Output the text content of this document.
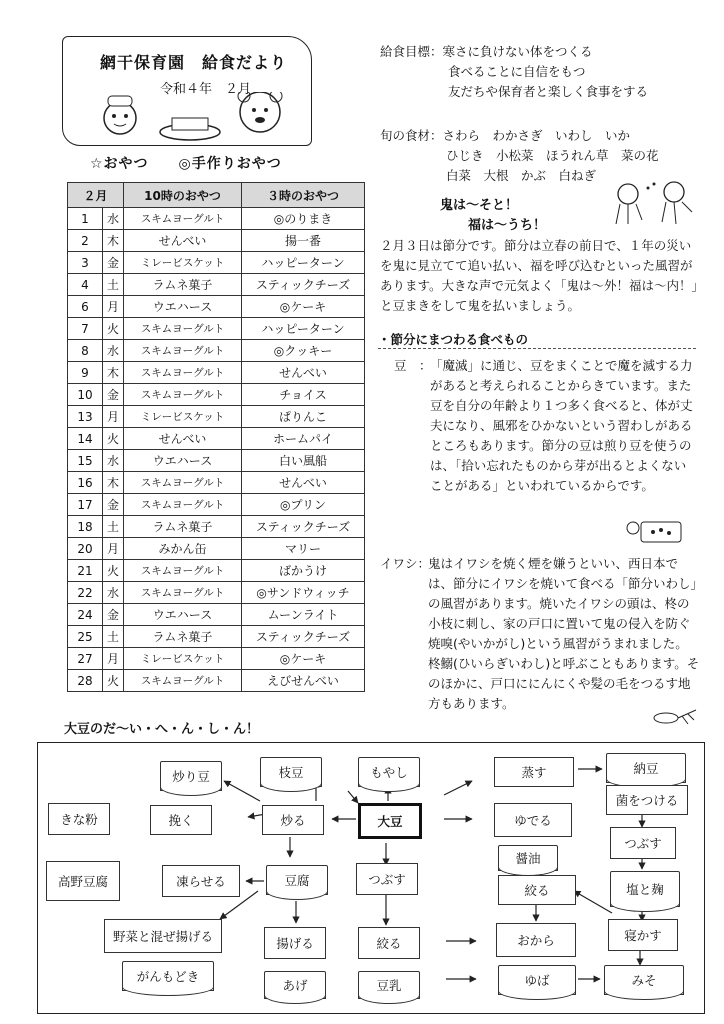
網干保育園　給食だより
令和４年　２月
☆おやつ　　◎手作りおやつ
２月		10時のおやつ	３時のおやつ
1	水	スキムヨーグルト	◎のりまき
2	木	せんべい	揚一番
3	金	ミレービスケット	ハッピーターン
4	土	ラムネ菓子	スティックチーズ
6	月	ウエハース	◎ケーキ
7	火	スキムヨーグルト	ハッピーターン
8	水	スキムヨーグルト	◎クッキー
9	木	スキムヨーグルト	せんべい
10	金	スキムヨーグルト	チョイス
13	月	ミレービスケット	ぱりんこ
14	火	せんべい	ホームパイ
15	水	ウエハース	白い風船
16	木	スキムヨーグルト	せんべい
17	金	スキムヨーグルト	◎プリン
18	土	ラムネ菓子	スティックチーズ
20	月	みかん缶	マリー
21	火	スキムヨーグルト	ばかうけ
22	水	スキムヨーグルト	◎サンドウィッチ
24	金	ウエハース	ムーンライト
25	土	ラムネ菓子	スティックチーズ
27	月	ミレービスケット	◎ケーキ
28	火	スキムヨーグルト	えびせんべい
給食目標：寒さに負けない体をつくる
食べることに自信をもつ
友だちや保育者と楽しく食事をする
旬の食材：さわら　わかさぎ　いわし　いか
ひじき　小松菜　ほうれん草　菜の花
白菜　大根　かぶ　白ねぎ
鬼は～そと！
福は～うち！
２月３日は節分です。節分は立春の前日で、１年の災いを鬼に見立てて追い払い、福を呼び込むといった風習があります。大きな声で元気よく「鬼は～外！福は～内！」と豆まきをして鬼を払いましょう。
・節分にまつわる食べもの
豆　：
「魔滅」に通じ、豆をまくことで魔を滅する力があると考えられることからきています。また豆を自分の年齢より１つ多く食べると、体が丈夫になり、風邪をひかないという習わしがあるところもあります。節分の豆は煎り豆を使うのは、「拾い忘れたものから芽が出るとよくないことがある」といわれているからです。
イワシ：
鬼はイワシを焼く煙を嫌うといい、西日本では、節分にイワシを焼いて食べる「節分いわし」の風習があります。焼いたイワシの頭は、柊の小枝に刺し、家の戸口に置いて鬼の侵入を防ぐ焼嗅(やいかがし)という風習がうまれました。柊鰯(ひいらぎいわし)と呼ぶこともあります。そのほかに、戸口ににんにくや髪の毛をつるす地方もあります。
大豆のだ～い・へ・ん・し・ん！
炒り豆	枝豆	もやし
きな粉	挽く	炒る	大豆
高野豆腐	凍らせる	豆腐	つぶす
野菜と混ぜ揚げる	揚げる	絞る
がんもどき
あげ	豆乳
蒸す	納豆
菌をつける
ゆでる
つぶす
醤油
絞る	塩と麹
おから	寝かす
ゆば	みそ
